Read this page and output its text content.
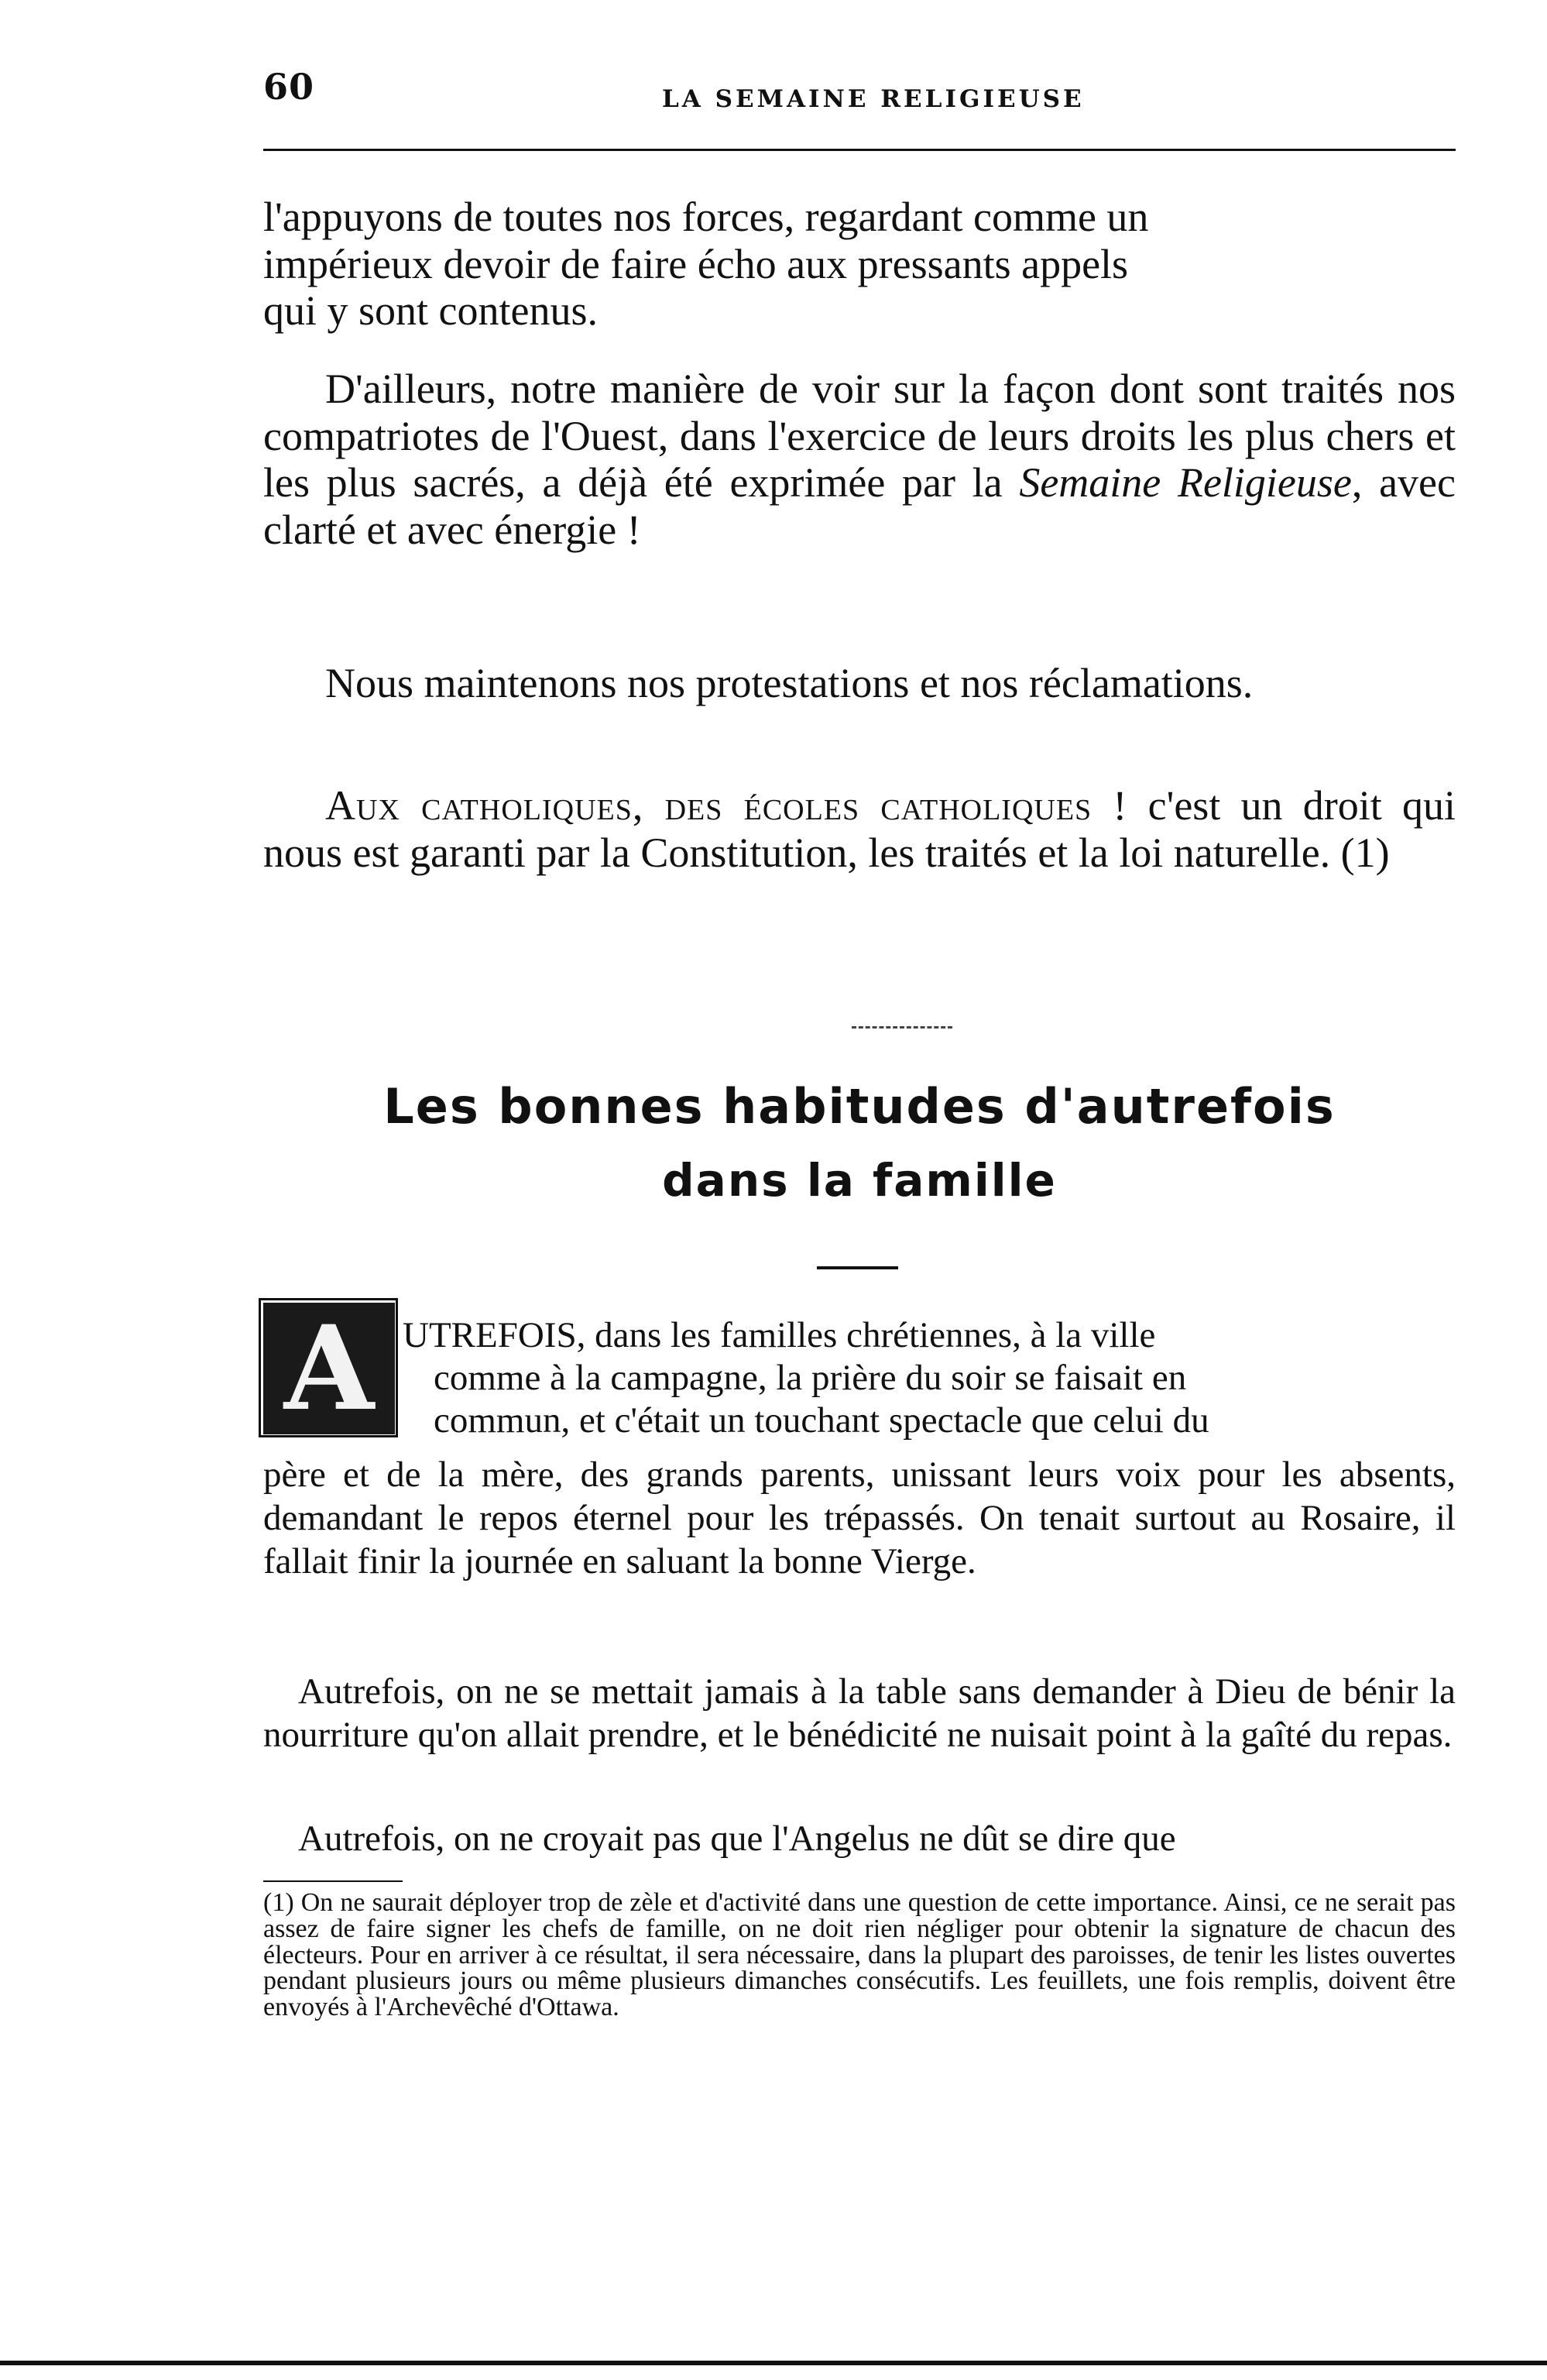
60	LA SEMAINE RELIGIEUSE
l'appuyons de toutes nos forces, regardant comme un
impérieux devoir de faire écho aux pressants appels
qui y sont contenus.

D'ailleurs, notre manière de voir sur la façon dont sont traités nos compatriotes de l'Ouest, dans l'exercice de leurs droits les plus chers et les plus sacrés, a déjà été exprimée par la Semaine Religieuse, avec clarté et avec énergie !

Nous maintenons nos protestations et nos réclamations.

Aux catholiques, des écoles catholiques ! c'est un droit qui nous est garanti par la Constitution, les traités et la loi naturelle. (1)

Les bonnes habitudes d'autrefois
dans la famille
A UTREFOIS, dans les familles chrétiennes, à la ville
comme à la campagne, la prière du soir se faisait en
commun, et c'était un touchant spectacle que celui du

père et de la mère, des grands parents, unissant leurs voix pour les absents, demandant le repos éternel pour les trépassés. On tenait surtout au Rosaire, il fallait finir la journée en saluant la bonne Vierge.

Autrefois, on ne se mettait jamais à la table sans demander à Dieu de bénir la nourriture qu'on allait prendre, et le bénédicité ne nuisait point à la gaîté du repas.

Autrefois, on ne croyait pas que l'Angelus ne dût se dire que

(1) On ne saurait déployer trop de zèle et d'activité dans une question de cette importance. Ainsi, ce ne serait pas assez de faire signer les chefs de famille, on ne doit rien négliger pour obtenir la signature de chacun des électeurs. Pour en arriver à ce résultat, il sera nécessaire, dans la plupart des paroisses, de tenir les listes ouvertes pendant plusieurs jours ou même plusieurs dimanches consécutifs. Les feuillets, une fois remplis, doivent être envoyés à l'Archevêché d'Ottawa.
